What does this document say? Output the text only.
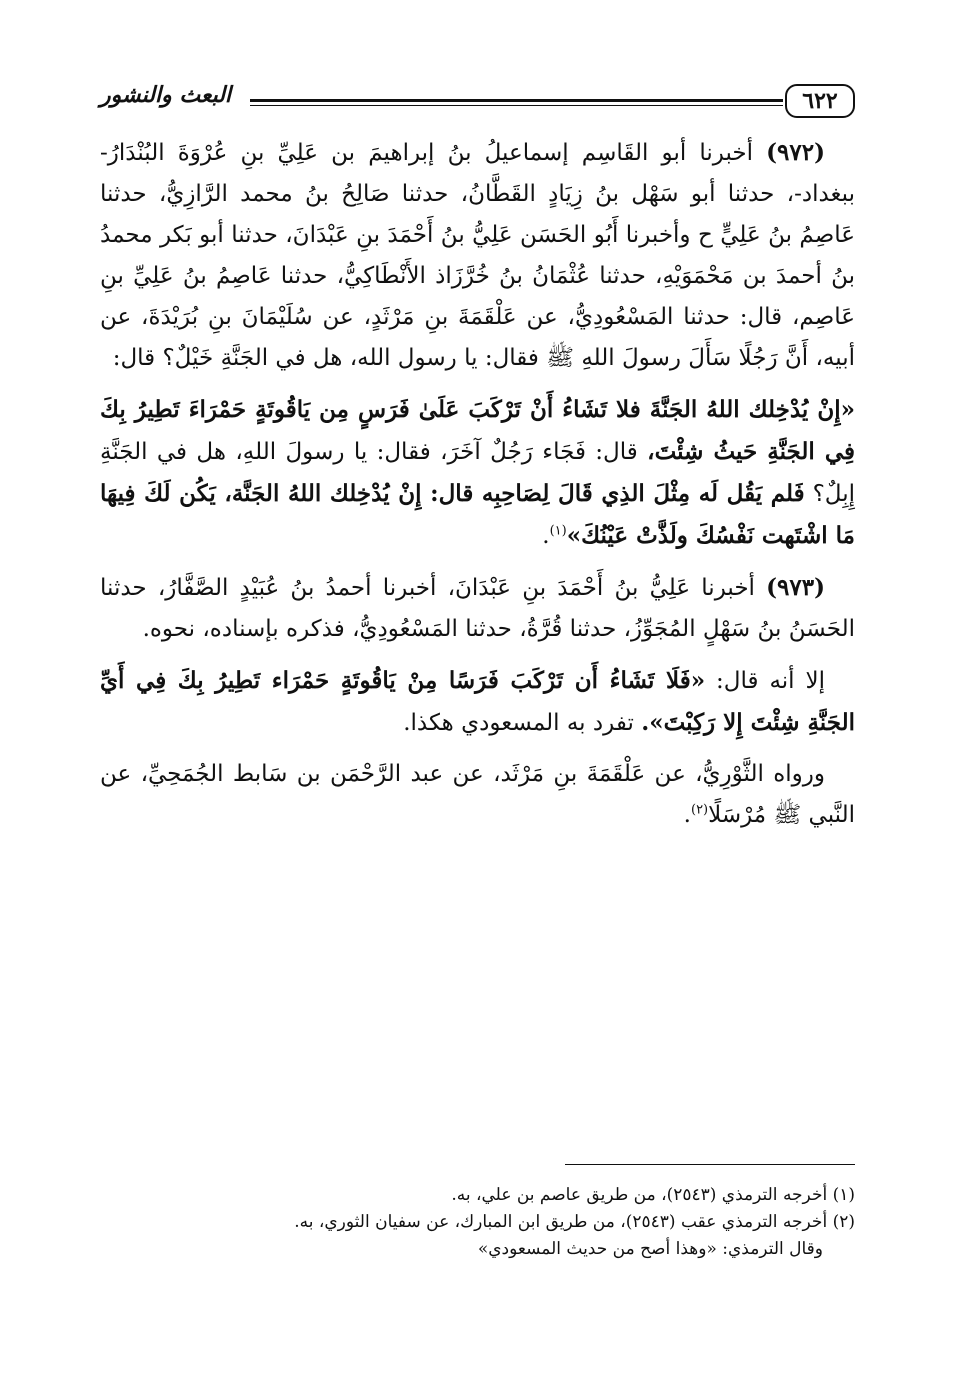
٦٢٢
البعث والنشور

(٩٧٢) أخبرنا أبو القَاسِم إسماعيلُ بنُ إبراهيمَ بن عَلِيِّ بنِ عُرْوَةَ البُنْدَارُ- ببغداد-، حدثنا أبو سَهْل بنُ زِيَادٍ القَطَّانُ، حدثنا صَالِحُ بنُ محمد الرَّازِيُّ، حدثنا عَاصِمُ بنُ عَلِيٍّ ح وأخبرنا أَبُو الحَسَن عَلِيُّ بنُ أَحْمَدَ بنِ عَبْدَانَ، حدثنا أبو بَكر محمدُ بنُ أحمدَ بن مَحْمَوَيْهِ، حدثنا عُثْمَانُ بنُ خُرَّزَاذ الأَنْطَاكِيُّ، حدثنا عَاصِمُ بنُ عَلِيِّ بنِ عَاصِم، قال: حدثنا المَسْعُودِيُّ، عن عَلْقَمَةَ بنِ مَرْثَدٍ، عن سُلَيْمَانَ بنِ بُرَيْدَةَ، عن أبيه، أَنَّ رَجُلًا سَأَلَ رسولَ اللهِ ﷺ فقال: يا رسول الله، هل في الجَنَّةِ خَيْلٌ؟ قال:

«إِنْ يُدْخِلك اللهُ الجَنَّةَ فلا تَشَاءُ أَنْ تَرْكَبَ عَلَىٰ فَرَسٍ مِن يَاقُوتَةٍ حَمْرَاءَ تَطِيرُ بِكَ فِي الجَنَّةِ حَيثُ شِئْتَ، قال: فَجَاء رَجُلٌ آخَرَ، فقال: يا رسولَ اللهِ، هل في الجَنَّةِ إِبِلٌ؟ فَلم يَقُل لَه مِثْلَ الذِي قَالَ لِصَاحِبِه قال: إِنْ يُدْخِلك اللهُ الجَنَّة، يَكُن لَكَ فِيهَا مَا اشْتَهت نَفْسُكَ ولَذَّتْ عَيْنُكَ»$^{(١)}$.

(٩٧٣) أخبرنا عَلِيُّ بنُ أَحْمَدَ بنِ عَبْدَانَ، أخبرنا أحمدُ بنُ عُبَيْدٍ الصَّفَّارُ، حدثنا الحَسَنُ بنُ سَهْلٍ المُجَوِّزُ، حدثنا قُرَّةُ، حدثنا المَسْعُودِيُّ، فذكره بإسناده، نحوه.

إلا أنه قال: «فَلَا تَشَاءُ أَن تَرْكَبَ فَرَسًا مِنْ يَاقُوتَةٍ حَمْرَاء تَطِيرُ بِكَ فِي أَيِّ الجَنَّةِ شِئْتَ إِلا رَكِبْتَ». تفرد به المسعودي هكذا.

ورواه الثَّوْرِيُّ، عن عَلْقَمَةَ بنِ مَرْثَد، عن عبد الرَّحْمَن بن سَابط الجُمَحِيِّ، عن النَّبي ﷺ مُرْسَلًا$^{(٢)}$.

(١) أخرجه الترمذي (٢٥٤٣)، من طريق عاصم بن علي، به.

(٢) أخرجه الترمذي عقب (٢٥٤٣)، من طريق ابن المبارك، عن سفيان الثوري، به.

وقال الترمذي: «وهذا أصح من حديث المسعودي»
